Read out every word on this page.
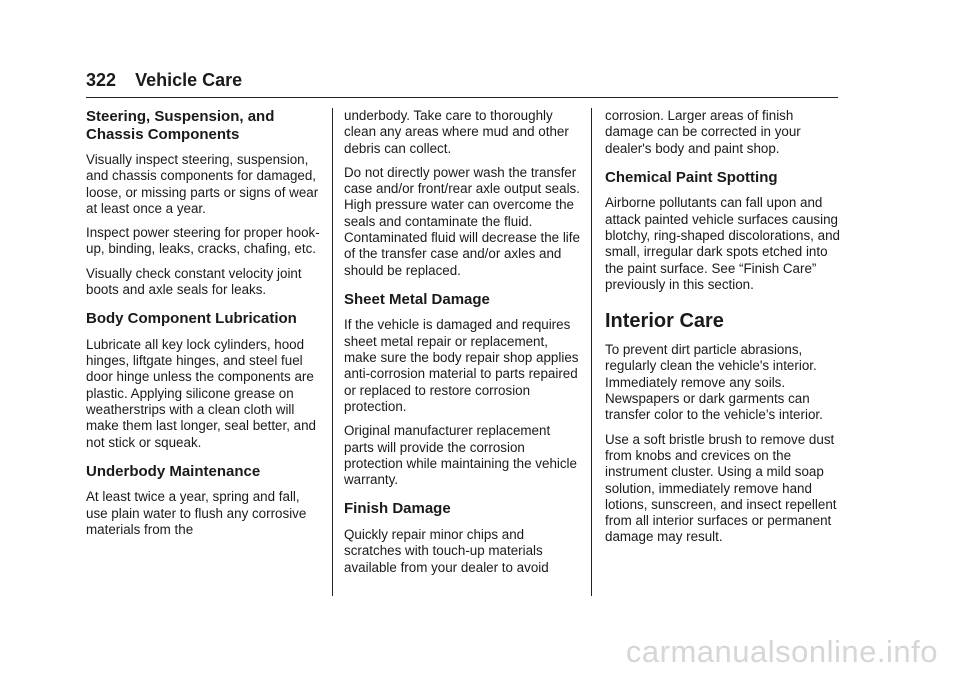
322 Vehicle Care
Steering, Suspension, and Chassis Components

Visually inspect steering, suspension, and chassis components for damaged, loose, or missing parts or signs of wear at least once a year.

Inspect power steering for proper hook-up, binding, leaks, cracks, chafing, etc.

Visually check constant velocity joint boots and axle seals for leaks.

Body Component Lubrication

Lubricate all key lock cylinders, hood hinges, liftgate hinges, and steel fuel door hinge unless the components are plastic. Applying silicone grease on weatherstrips with a clean cloth will make them last longer, seal better, and not stick or squeak.

Underbody Maintenance

At least twice a year, spring and fall, use plain water to flush any corrosive materials from the

underbody. Take care to thoroughly clean any areas where mud and other debris can collect.

Do not directly power wash the transfer case and/or front/rear axle output seals. High pressure water can overcome the seals and contaminate the fluid. Contaminated fluid will decrease the life of the transfer case and/or axles and should be replaced.

Sheet Metal Damage

If the vehicle is damaged and requires sheet metal repair or replacement, make sure the body repair shop applies anti-corrosion material to parts repaired or replaced to restore corrosion protection.

Original manufacturer replacement parts will provide the corrosion protection while maintaining the vehicle warranty.

Finish Damage

Quickly repair minor chips and scratches with touch-up materials available from your dealer to avoid

corrosion. Larger areas of finish damage can be corrected in your dealer's body and paint shop.

Chemical Paint Spotting

Airborne pollutants can fall upon and attack painted vehicle surfaces causing blotchy, ring-shaped discolorations, and small, irregular dark spots etched into the paint surface. See “Finish Care” previously in this section.

Interior Care

To prevent dirt particle abrasions, regularly clean the vehicle's interior. Immediately remove any soils. Newspapers or dark garments can transfer color to the vehicle’s interior.

Use a soft bristle brush to remove dust from knobs and crevices on the instrument cluster. Using a mild soap solution, immediately remove hand lotions, sunscreen, and insect repellent from all interior surfaces or permanent damage may result.

carmanualsonline.info
